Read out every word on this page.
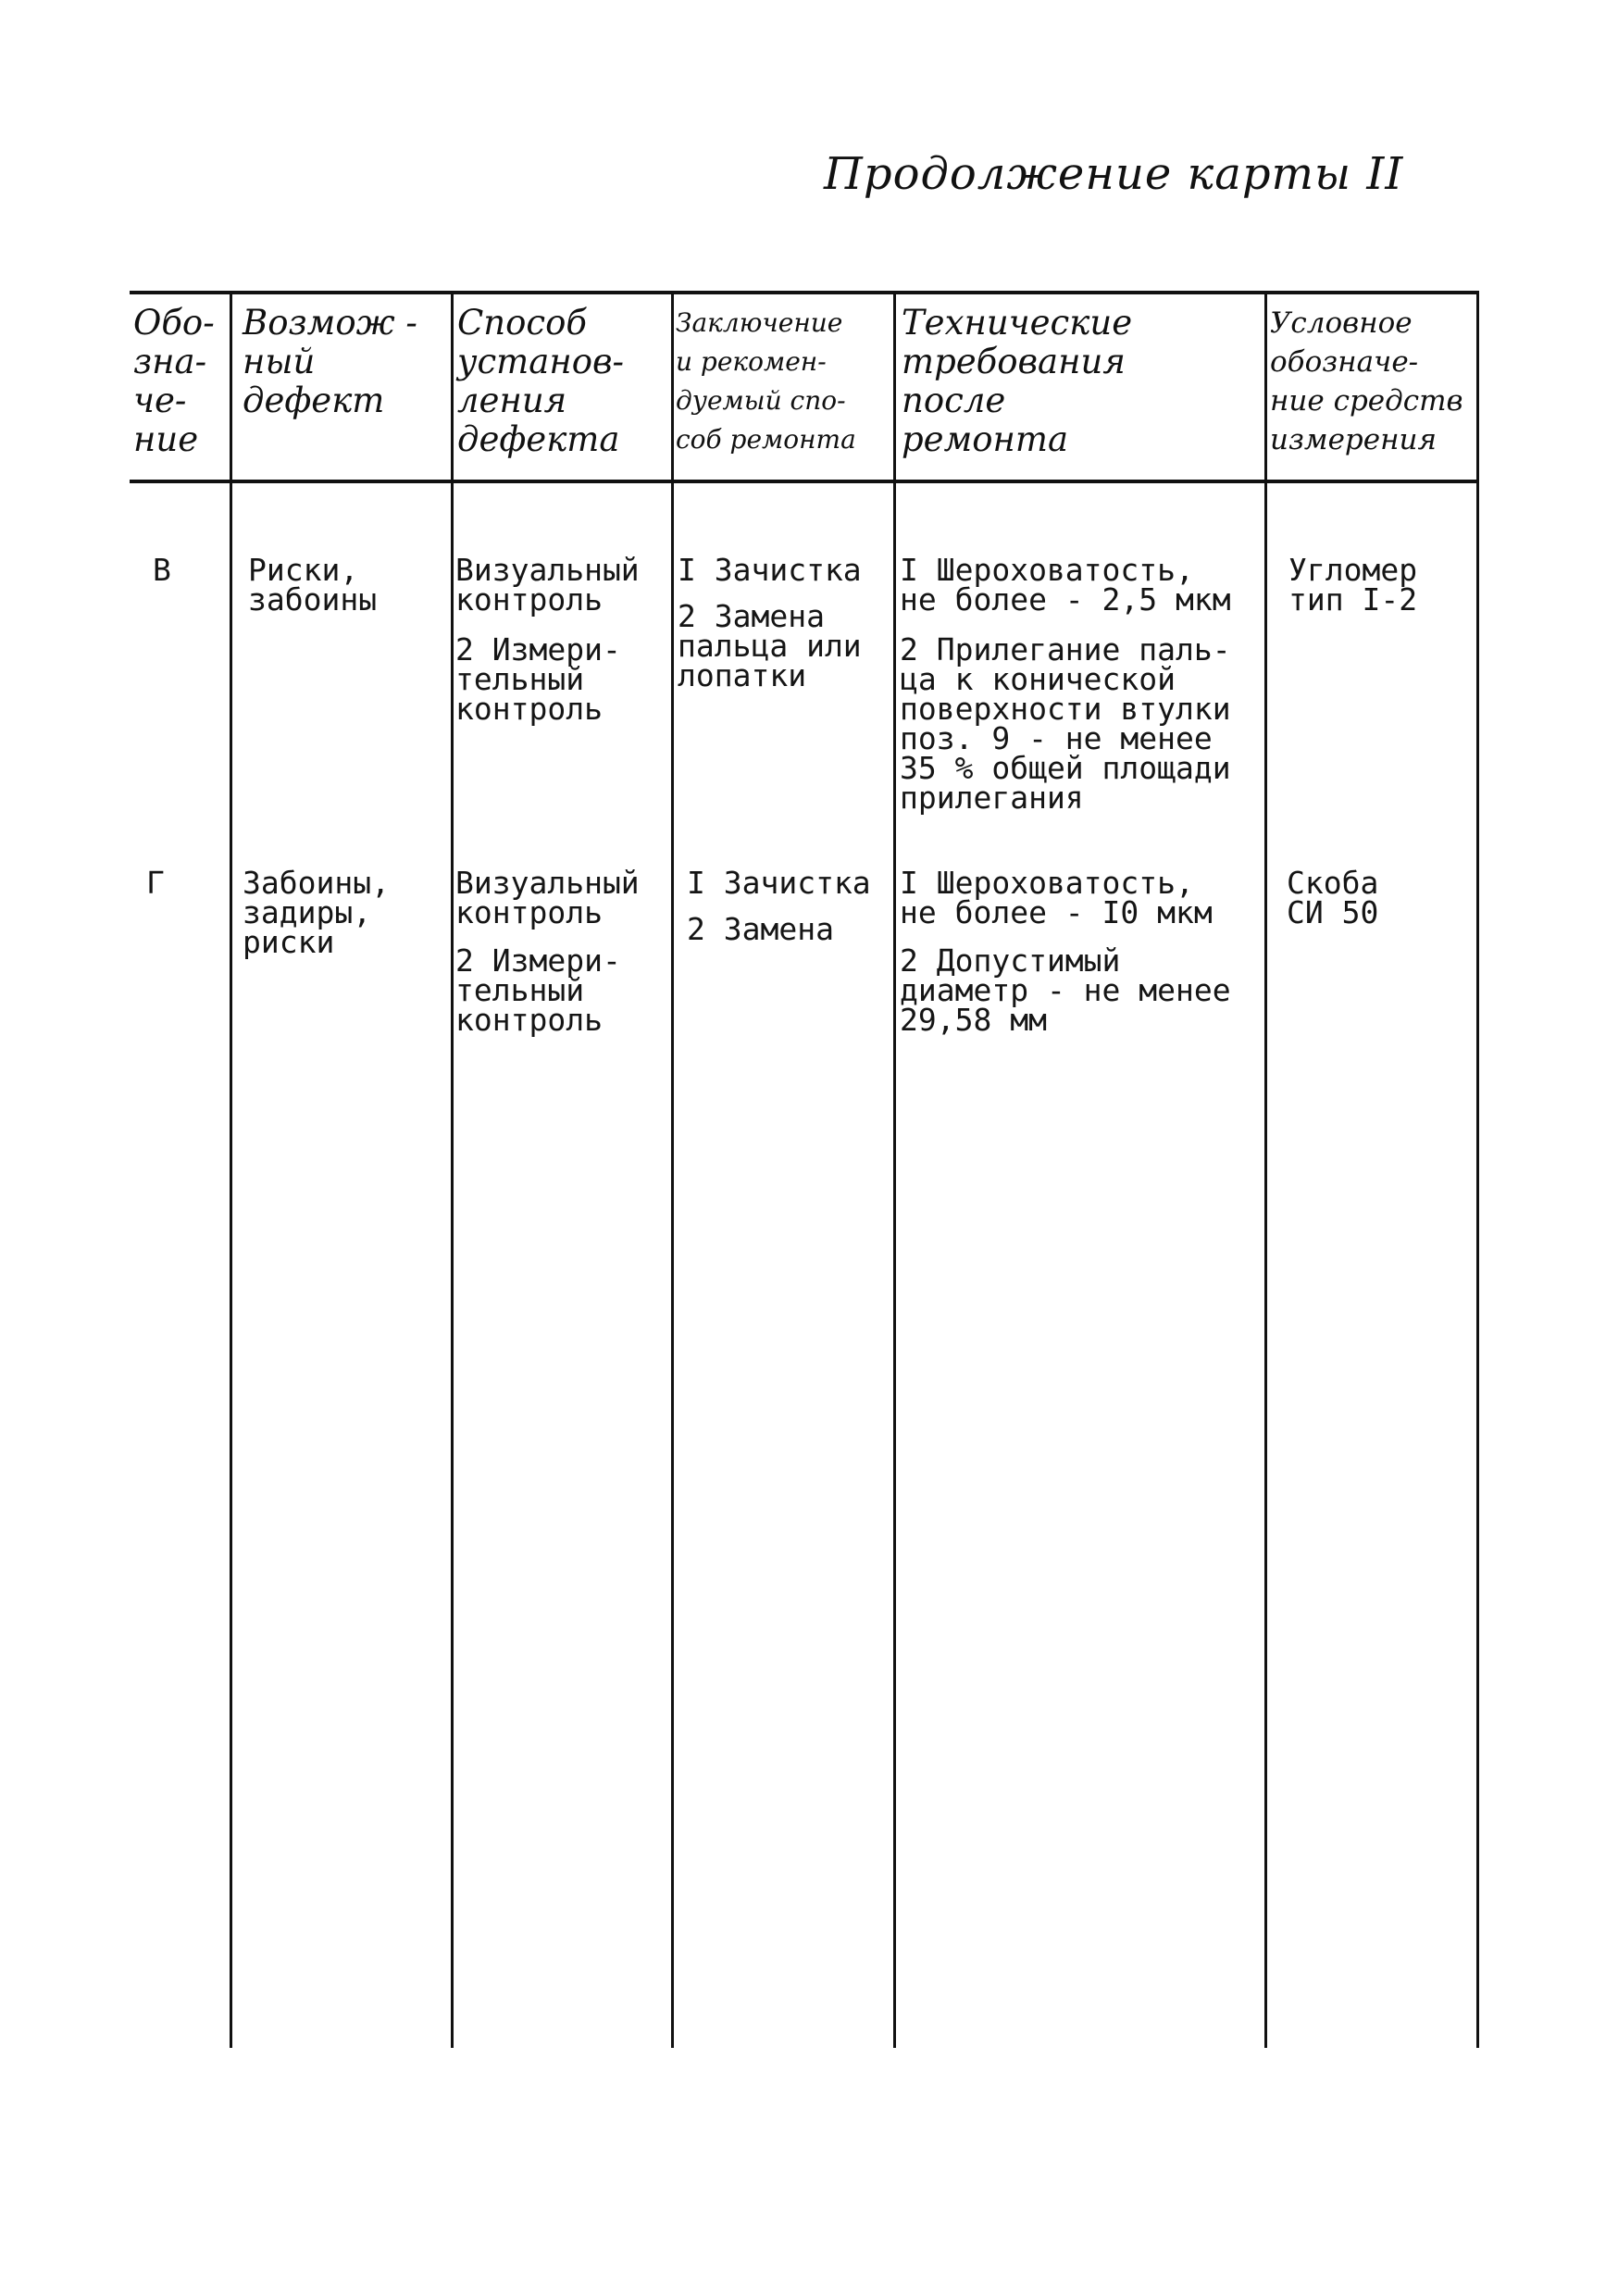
Продолжение карты II
Обо-
зна-
че-
ние
Возмож -
ный
дефект
Способ
установ-
ления
дефекта
Заключение
и рекомен-
дуемый спо-
соб ремонта
Технические
требования
после
ремонта
Условное
обозначе-
ние средств
измерения
В	Риски,
забоины
Визуальный
контроль
2 Измери-
тельный
контроль
I Зачистка
2 Замена
пальца или
лопатки
I Шероховатость,
не более - 2,5 мкм
2 Прилегание паль-
ца к конической
поверхности втулки
поз. 9 - не менее
35 % общей площади
прилегания
Угломер
тип I-2
Г	Забоины,
задиры,
риски
Визуальный
контроль
2 Измери-
тельный
контроль
I Зачистка
2 Замена
I Шероховатость,
не более - I0 мкм
2 Допустимый
диаметр - не менее
29,58 мм
Скоба
СИ 50
